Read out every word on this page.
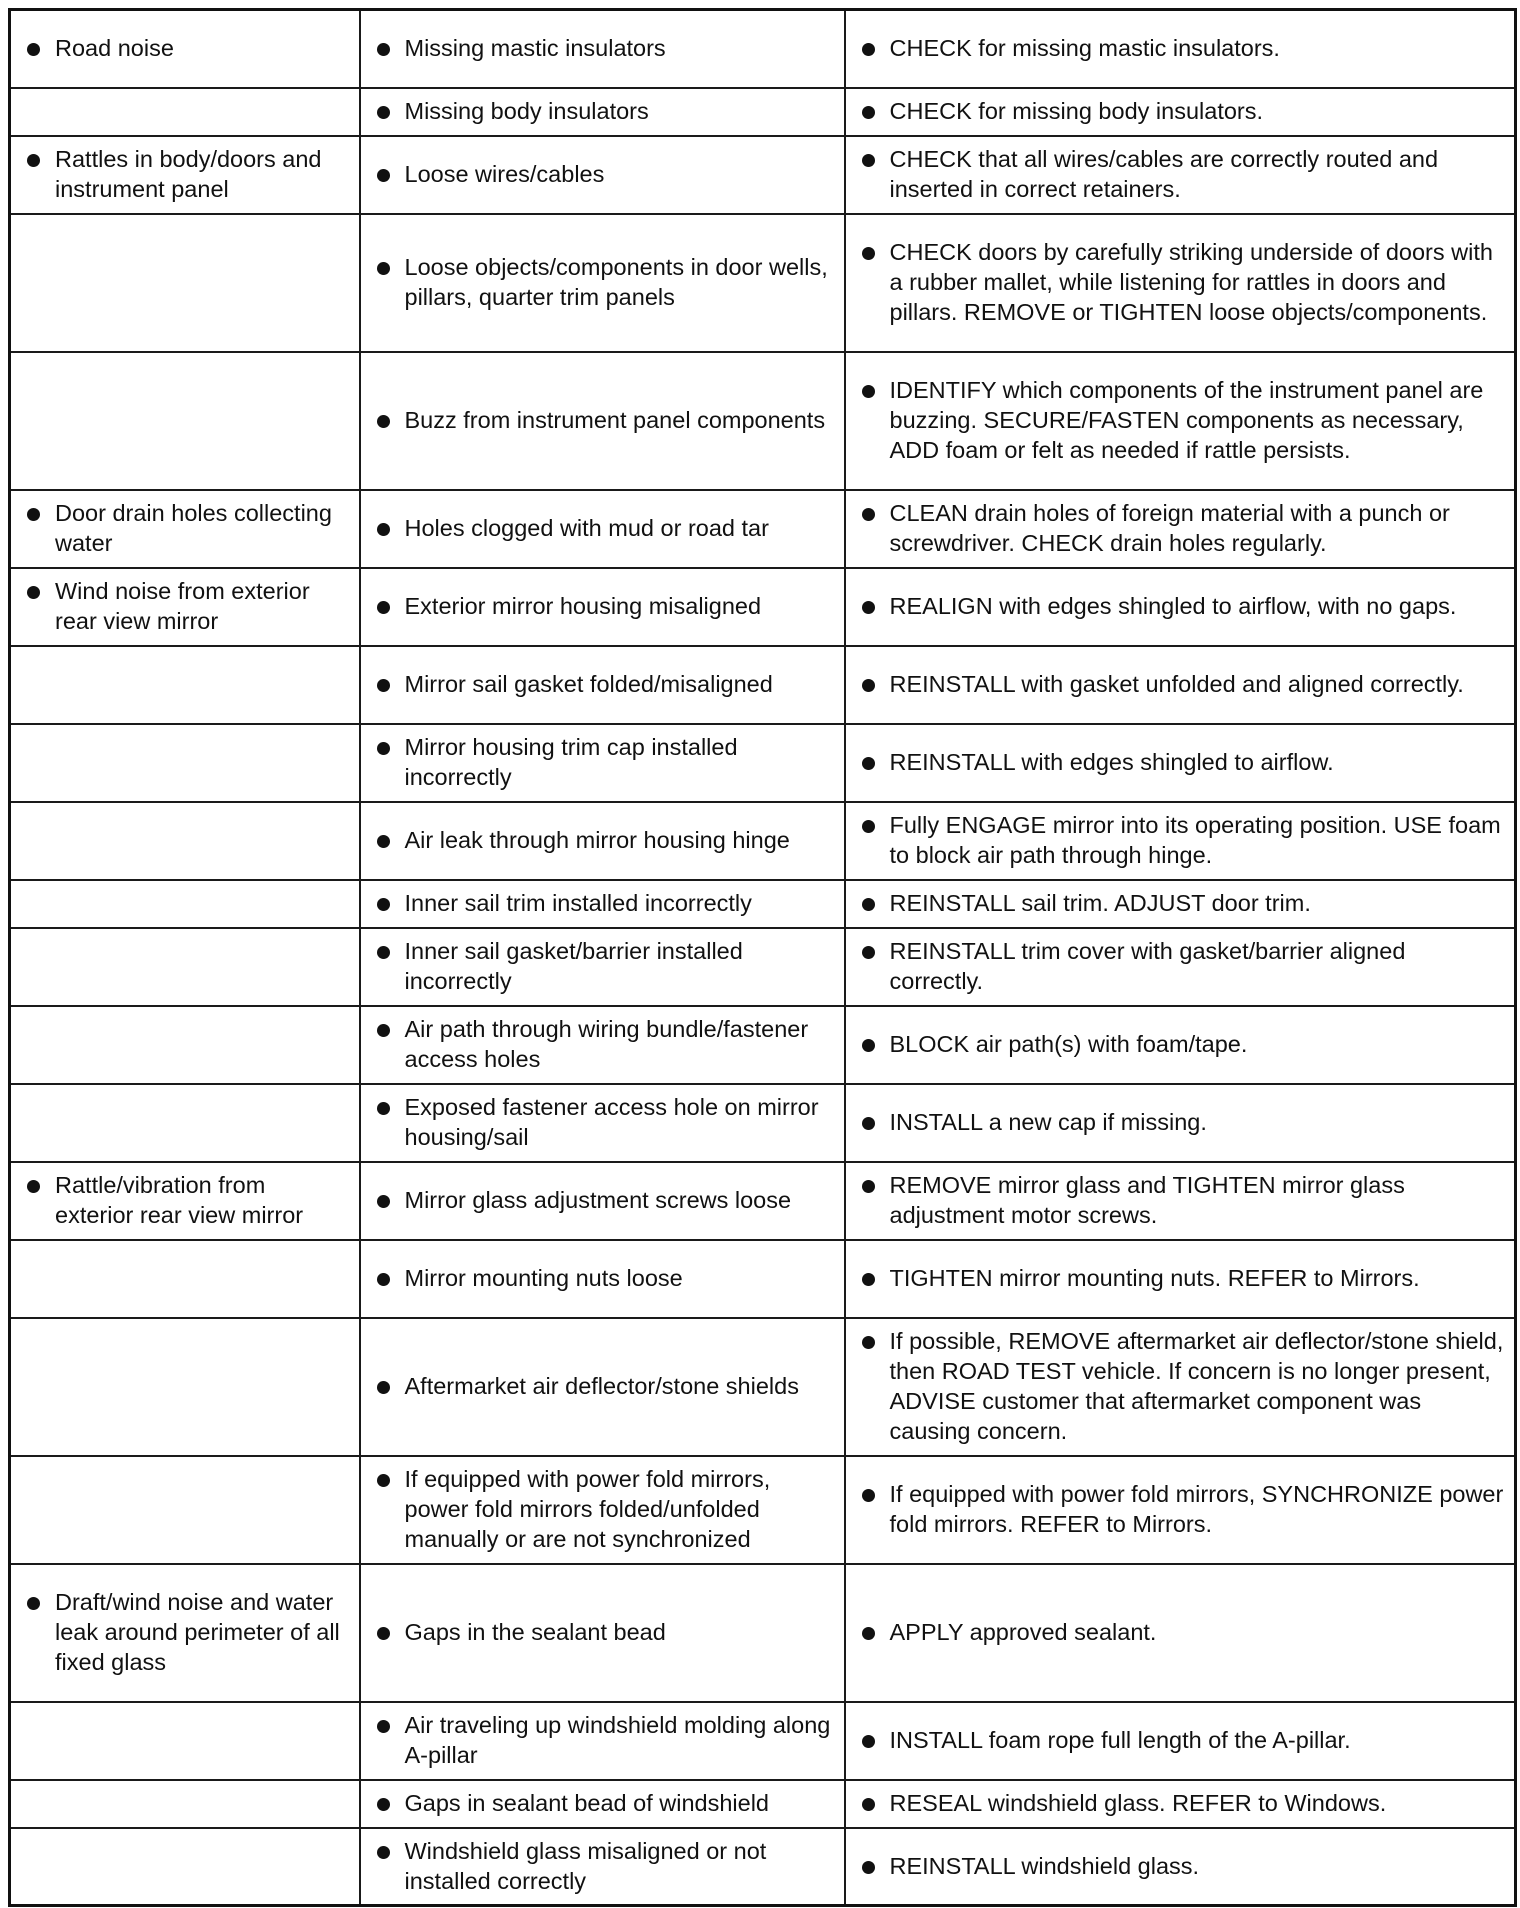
Road noise	Missing mastic insulators	CHECK for missing mastic insulators.

	Missing body insulators	CHECK for missing body insulators.

Rattles in body/doors and instrument panel	Loose wires/cables	CHECK that all wires/cables are correctly routed and inserted in correct retainers.

	Loose objects/components in door wells, pillars, quarter trim panels	CHECK doors by carefully striking underside of doors with a rubber mallet, while listening for rattles in doors and pillars. REMOVE or TIGHTEN loose objects/components.

	Buzz from instrument panel components	IDENTIFY which components of the instrument panel are buzzing. SECURE/FASTEN components as necessary, ADD foam or felt as needed if rattle persists.

Door drain holes collecting water	Holes clogged with mud or road tar	CLEAN drain holes of foreign material with a punch or screwdriver. CHECK drain holes regularly.

Wind noise from exterior rear view mirror	Exterior mirror housing misaligned	REALIGN with edges shingled to airflow, with no gaps.

	Mirror sail gasket folded/misaligned	REINSTALL with gasket unfolded and aligned correctly.

	Mirror housing trim cap installed incorrectly	REINSTALL with edges shingled to airflow.

	Air leak through mirror housing hinge	Fully ENGAGE mirror into its operating position. USE foam to block air path through hinge.

	Inner sail trim installed incorrectly	REINSTALL sail trim. ADJUST door trim.

	Inner sail gasket/barrier installed incorrectly	REINSTALL trim cover with gasket/barrier aligned correctly.

	Air path through wiring bundle/fastener access holes	BLOCK air path(s) with foam/tape.

	Exposed fastener access hole on mirror housing/sail	INSTALL a new cap if missing.

Rattle/vibration from exterior rear view mirror	Mirror glass adjustment screws loose	REMOVE mirror glass and TIGHTEN mirror glass adjustment motor screws.

	Mirror mounting nuts loose	TIGHTEN mirror mounting nuts. REFER to Mirrors.

	Aftermarket air deflector/stone shields	If possible, REMOVE aftermarket air deflector/stone shield, then ROAD TEST vehicle. If concern is no longer present, ADVISE customer that aftermarket component was causing concern.

	If equipped with power fold mirrors, power fold mirrors folded/unfolded manually or are not synchronized	If equipped with power fold mirrors, SYNCHRONIZE power fold mirrors. REFER to Mirrors.

Draft/wind noise and water leak around perimeter of all fixed glass	Gaps in the sealant bead	APPLY approved sealant.

	Air traveling up windshield molding along A-pillar	INSTALL foam rope full length of the A-pillar.

	Gaps in sealant bead of windshield	RESEAL windshield glass. REFER to Windows.

	Windshield glass misaligned or not installed correctly	REINSTALL windshield glass.
